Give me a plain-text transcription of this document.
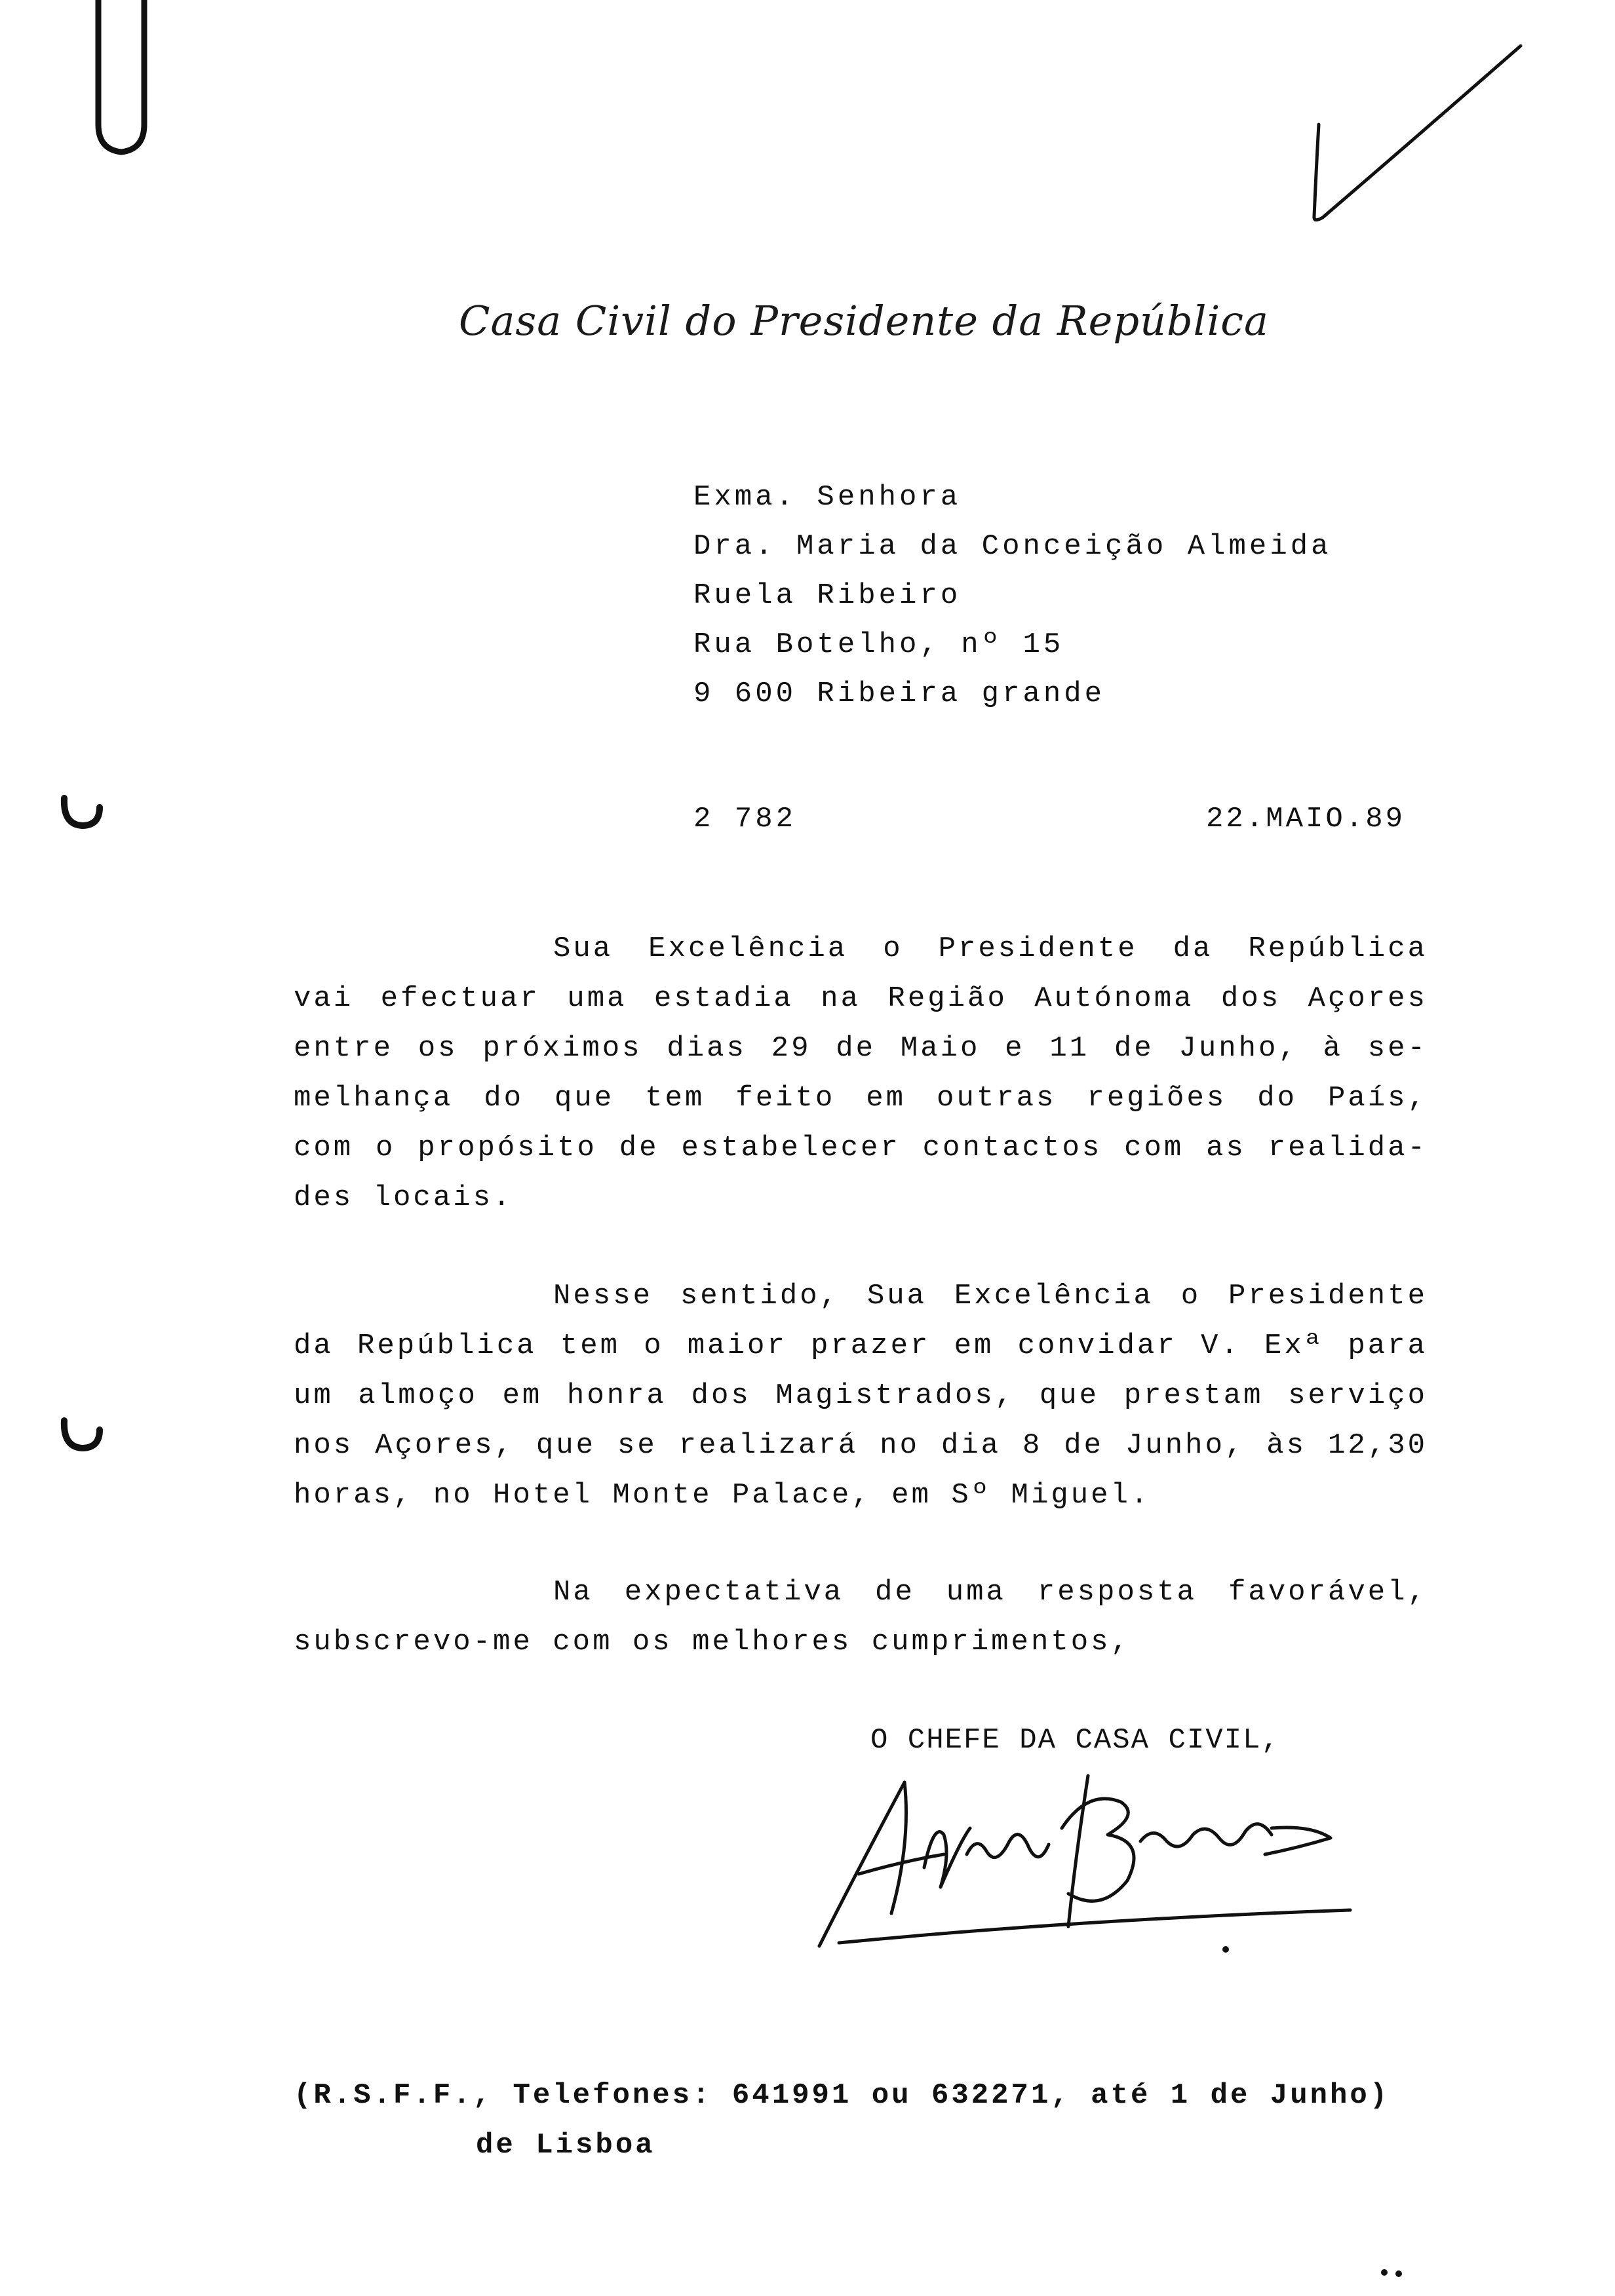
Casa Civil do Presidente da República
Exma. Senhora
Dra. Maria da Conceição Almeida
Ruela Ribeiro
Rua Botelho, nº 15
9 600 Ribeira grande
2 782	22.MAIO.89
Sua Excelência o Presidente da República
vai efectuar uma estadia na Região Autónoma dos Açores
entre os próximos dias 29 de Maio e 11 de Junho, à se-
melhança do que tem feito em outras regiões do País,
com o propósito de estabelecer contactos com as realida-
des locais.
Nesse sentido, Sua Excelência o Presidente
da República tem o maior prazer em convidar V. Exª para
um almoço em honra dos Magistrados, que prestam serviço
nos Açores, que se realizará no dia 8 de Junho, às 12,30
horas, no Hotel Monte Palace, em Sº Miguel.
Na expectativa de uma resposta favorável,
subscrevo-me com os melhores cumprimentos,
O CHEFE DA CASA CIVIL,
(R.S.F.F., Telefones: 641991 ou 632271, até 1 de Junho)
de Lisboa
